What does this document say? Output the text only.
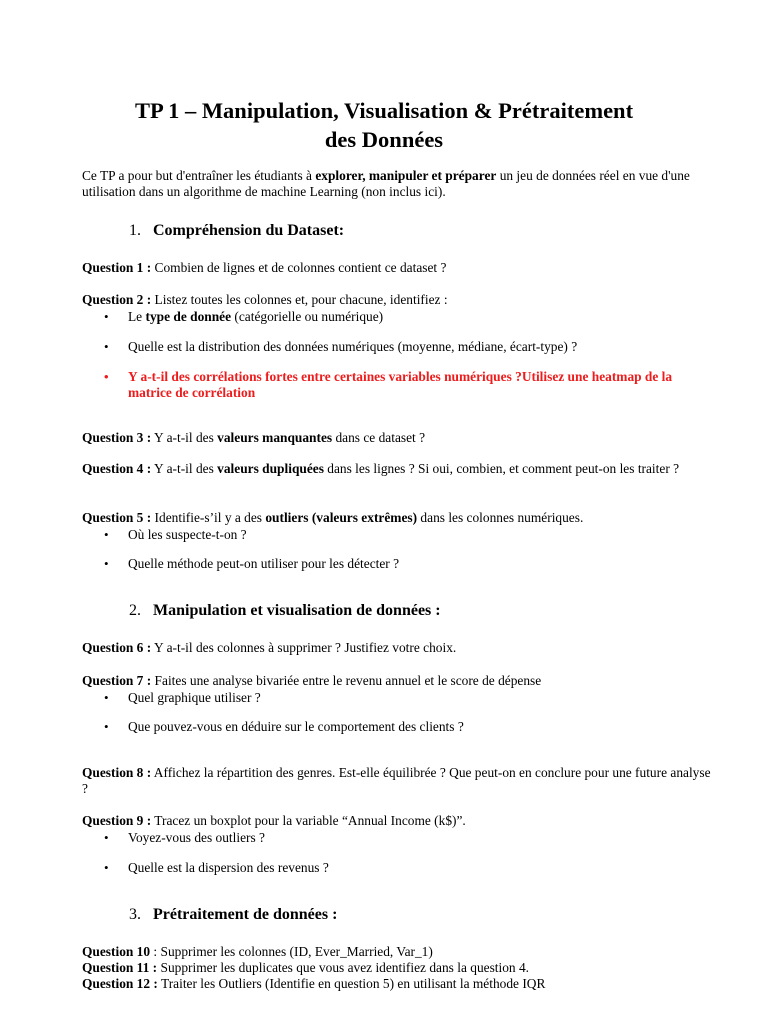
TP 1 – Manipulation, Visualisation & Prétraitement
des Données
Ce TP a pour but d'entraîner les étudiants à explorer, manipuler et préparer un jeu de données réel en vue d'une utilisation dans un algorithme de machine Learning (non inclus ici).
1. Compréhension du Dataset:
Question 1 : Combien de lignes et de colonnes contient ce dataset ?
Question 2 : Listez toutes les colonnes et, pour chacune, identifiez :
• Le type de donnée (catégorielle ou numérique)
• Quelle est la distribution des données numériques (moyenne, médiane, écart-type) ?
• Y a-t-il des corrélations fortes entre certaines variables numériques ?Utilisez une heatmap de la matrice de corrélation
Question 3 : Y a-t-il des valeurs manquantes dans ce dataset ?
Question 4 : Y a-t-il des valeurs dupliquées dans les lignes ? Si oui, combien, et comment peut-on les traiter ?
Question 5 : Identifie-s’il y a des outliers (valeurs extrêmes) dans les colonnes numériques.
• Où les suspecte-t-on ?
• Quelle méthode peut-on utiliser pour les détecter ?
2. Manipulation et visualisation de données :
Question 6 : Y a-t-il des colonnes à supprimer ? Justifiez votre choix.
Question 7 : Faites une analyse bivariée entre le revenu annuel et le score de dépense
• Quel graphique utiliser ?
• Que pouvez-vous en déduire sur le comportement des clients ?
Question 8 : Affichez la répartition des genres. Est-elle équilibrée ? Que peut-on en conclure pour une future analyse ?
Question 9 : Tracez un boxplot pour la variable “Annual Income (k$)”.
• Voyez-vous des outliers ?
• Quelle est la dispersion des revenus ?
3. Prétraitement de données :
Question 10 : Supprimer les colonnes (ID, Ever_Married, Var_1)
Question 11 : Supprimer les duplicates que vous avez identifiez dans la question 4.
Question 12 : Traiter les Outliers (Identifie en question 5) en utilisant la méthode IQR
